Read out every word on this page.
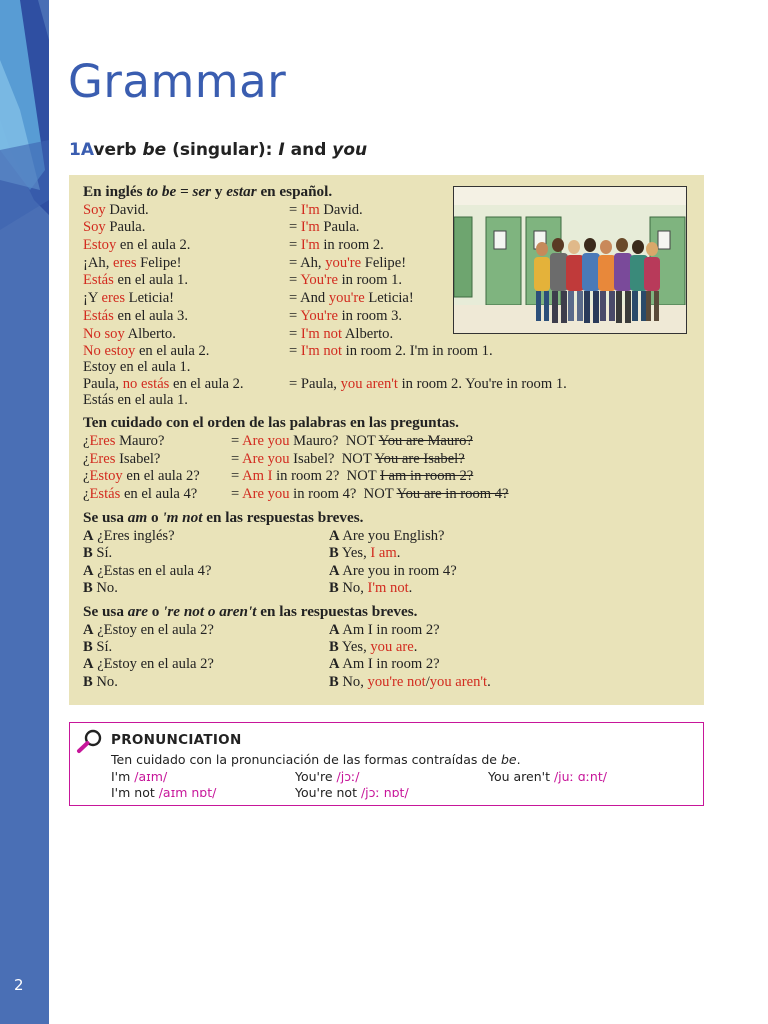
2
Grammar
1Averb be (singular): I and you
En inglés to be = ser y estar en español.
Soy David.	= I'm David.
Soy Paula.	= I'm Paula.
Estoy en el aula 2.	= I'm in room 2.
¡Ah, eres Felipe!	= Ah, you're Felipe!
Estás en el aula 1.	= You're in room 1.
¡Y eres Leticia!	= And you're Leticia!
Estás en el aula 3.	= You're in room 3.
No soy Alberto.	= I'm not Alberto.
No estoy en el aula 2.	= I'm not in room 2. I'm in room 1.
Estoy en el aula 1.
Paula, no estás en el aula 2.	= Paula, you aren't in room 2. You're in room 1.
Estás en el aula 1.
Ten cuidado con el orden de las palabras en las preguntas.
¿Eres Mauro?	= Are you Mauro?  NOT You are Mauro?
¿Eres Isabel?	= Are you Isabel?  NOT You are Isabel?
¿Estoy en el aula 2? = Am I in room 2?  NOT I am in room 2?
¿Estás en el aula 4? = Are you in room 4?  NOT You are in room 4?
Se usa am o 'm not en las respuestas breves.
A ¿Eres inglés?	A Are you English?
B Sí.	B Yes, I am.
A ¿Estas en el aula 4?	A Are you in room 4?
B No.	B No, I'm not.
Se usa are o 're not o aren't en las respuestas breves.
A ¿Estoy en el aula 2?	A Am I in room 2?
B Sí.	B Yes, you are.
A ¿Estoy en el aula 2?	A Am I in room 2?
B No.	B No, you're not/you aren't.
PRONUNCIATION
Ten cuidado con la pronunciación de las formas contraídas de be.
I'm /aɪm/	You're /jɔː/	You aren't /juː ɑːnt/
I'm not /aɪm nɒt/	You're not /jɔː nɒt/
